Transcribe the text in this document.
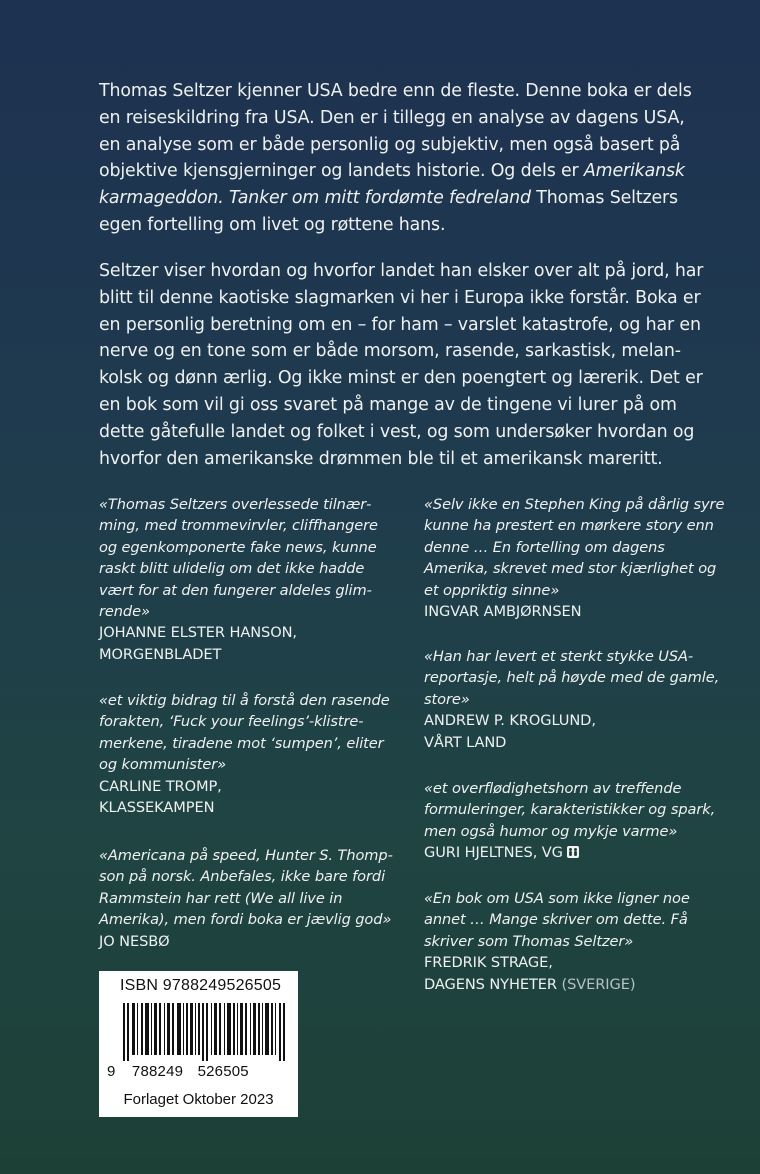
Thomas Seltzer kjenner USA bedre enn de fleste. Denne boka er dels en reiseskildring fra USA. Den er i tillegg en analyse av dagens USA, en analyse som er både personlig og subjektiv, men også basert på objektive kjensgjerninger og landets historie. Og dels er Amerikansk karmageddon. Tanker om mitt fordømte fedreland Thomas Seltzers egen fortelling om livet og røttene hans.
Seltzer viser hvordan og hvorfor landet han elsker over alt på jord, har blitt til denne kaotiske slagmarken vi her i Europa ikke forstår. Boka er en personlig beretning om en – for ham – varslet katastrofe, og har en nerve og en tone som er både morsom, rasende, sarkastisk, melankolsk og dønn ærlig. Og ikke minst er den poengtert og lærerik. Det er en bok som vil gi oss svaret på mange av de tingene vi lurer på om dette gåtefulle landet og folket i vest, og som undersøker hvordan og hvorfor den amerikanske drømmen ble til et amerikansk mareritt.
«Thomas Seltzers overlessede tilnærming, med trommevirvler, cliffhangere og egenkomponerte fake news, kunne raskt blitt ulidelig om det ikke hadde vært for at den fungerer aldeles glimrende»
JOHANNE ELSTER HANSON,
MORGENBLADET
«et viktig bidrag til å forstå den rasende forakten, ‘Fuck your feelings’-klistremerkene, tiradene mot ‘sumpen’, eliter og kommunister»
CARLINE TROMP,
KLASSEKAMPEN
«Americana på speed, Hunter S. Thompson på norsk. Anbefales, ikke bare fordi Rammstein har rett (We all live in Amerika), men fordi boka er jævlig god»
JO NESBØ
«Selv ikke en Stephen King på dårlig syre kunne ha prestert en mørkere story enn denne … En fortelling om dagens Amerika, skrevet med stor kjærlighet og et oppriktig sinne»
INGVAR AMBJØRNSEN
«Han har levert et sterkt stykke USA-reportasje, helt på høyde med de gamle, store»
ANDREW P. KROGLUND,
VÅRT LAND
«et overflødighetshorn av treffende formuleringer, karakteristikker og spark, men også humor og mykje varme»
GURI HJELTNES, VG
«En bok om USA som ikke ligner noe annet … Mange skriver om dette. Få skriver som Thomas Seltzer»
FREDRIK STRAGE,
DAGENS NYHETER (SVERIGE)
ISBN 9788249526505
9 788249 526505
Forlaget Oktober 2023
